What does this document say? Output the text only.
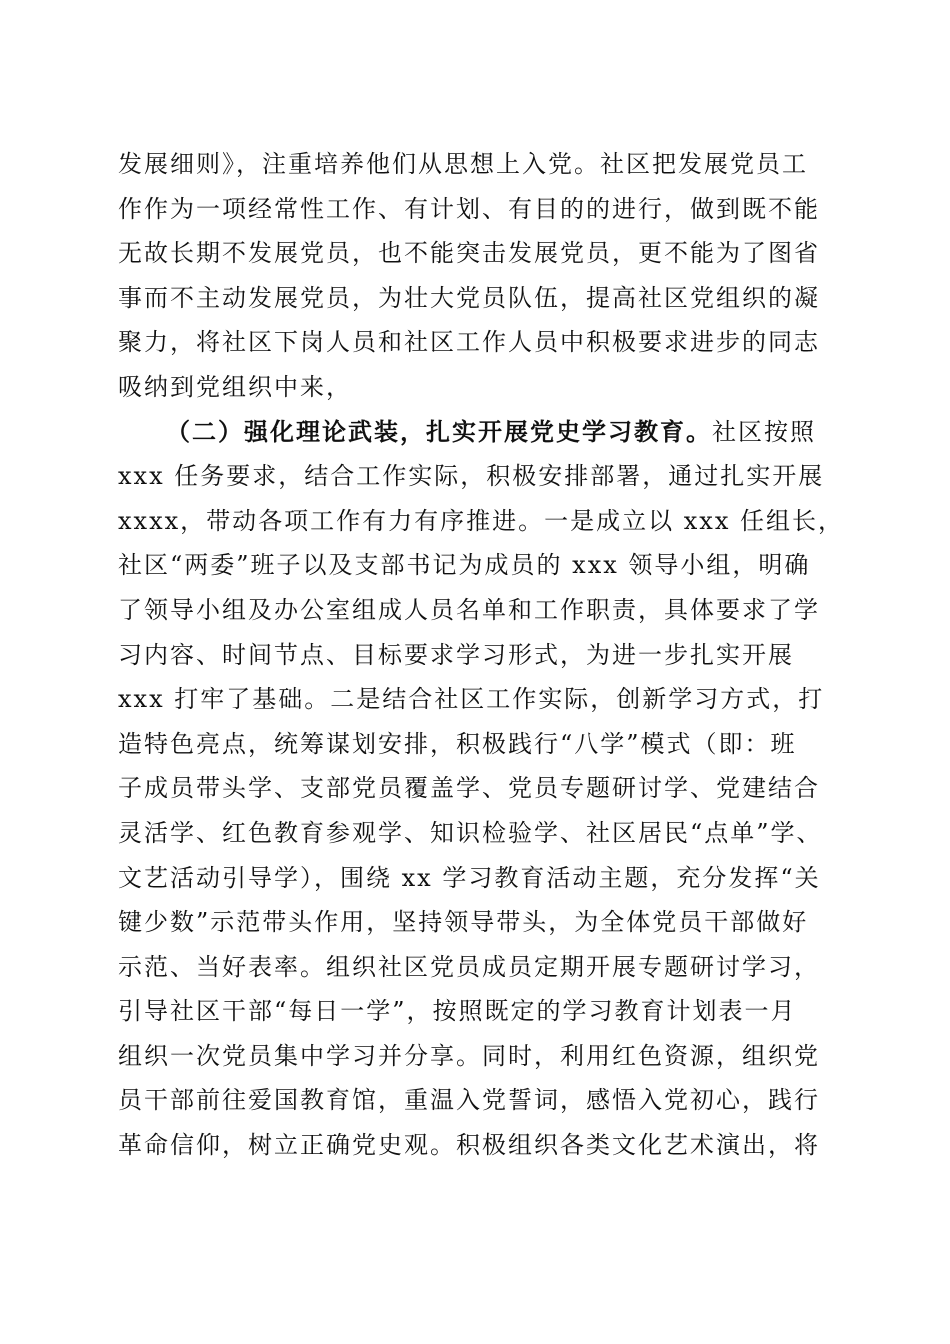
发展细则》，注重培养他们从思想上入党。社区把发展党员工
作作为一项经常性工作、有计划、有目的的进行，做到既不能
无故长期不发展党员，也不能突击发展党员，更不能为了图省
事而不主动发展党员，为壮大党员队伍，提高社区党组织的凝
聚力，将社区下岗人员和社区工作人员中积极要求进步的同志
吸纳到党组织中来，
（二）强化理论武装，扎实开展党史学习教育。社区按照
xxx 任务要求，结合工作实际，积极安排部署，通过扎实开展
xxxx，带动各项工作有力有序推进。一是成立以 xxx 任组长，
社区“两委”班子以及支部书记为成员的 xxx 领导小组，明确
了领导小组及办公室组成人员名单和工作职责，具体要求了学
习内容、时间节点、目标要求学习形式，为进一步扎实开展
xxx 打牢了基础。二是结合社区工作实际，创新学习方式，打
造特色亮点，统筹谋划安排，积极践行“八学”模式（即：班
子成员带头学、支部党员覆盖学、党员专题研讨学、党建结合
灵活学、红色教育参观学、知识检验学、社区居民“点单”学、
文艺活动引导学），围绕 xx 学习教育活动主题，充分发挥“关
键少数”示范带头作用，坚持领导带头，为全体党员干部做好
示范、当好表率。组织社区党员成员定期开展专题研讨学习，
引导社区干部“每日一学”，按照既定的学习教育计划表一月
组织一次党员集中学习并分享。同时，利用红色资源，组织党
员干部前往爱国教育馆，重温入党誓词，感悟入党初心，践行
革命信仰，树立正确党史观。积极组织各类文化艺术演出，将
